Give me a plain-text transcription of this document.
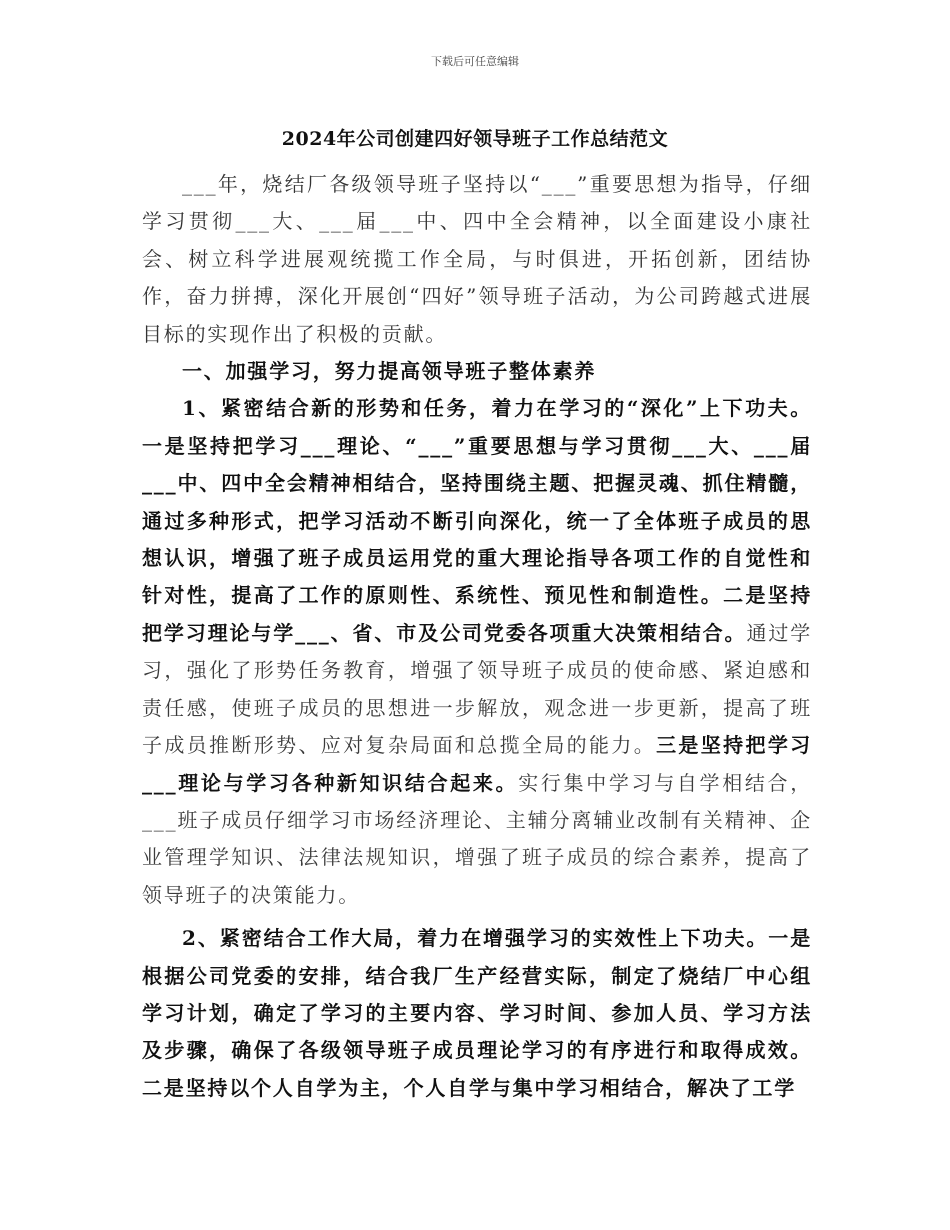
下载后可任意编辑
2024年公司创建四好领导班子工作总结范文

___年，烧结厂各级领导班子坚持以“___”重要思想为指导，仔细学习贯彻___大、___届___中、四中全会精神，以全面建设小康社会、树立科学进展观统揽工作全局，与时俱进，开拓创新，团结协作，奋力拼搏，深化开展创“四好”领导班子活动，为公司跨越式进展目标的实现作出了积极的贡献。

一、加强学习，努力提高领导班子整体素养

1、紧密结合新的形势和任务，着力在学习的“深化”上下功夫。一是坚持把学习___理论、“___”重要思想与学习贯彻___大、___届___中、四中全会精神相结合，坚持围绕主题、把握灵魂、抓住精髓，通过多种形式，把学习活动不断引向深化，统一了全体班子成员的思想认识，增强了班子成员运用党的重大理论指导各项工作的自觉性和针对性，提高了工作的原则性、系统性、预见性和制造性。二是坚持把学习理论与学___、省、市及公司党委各项重大决策相结合。通过学习，强化了形势任务教育，增强了领导班子成员的使命感、紧迫感和责任感，使班子成员的思想进一步解放，观念进一步更新，提高了班子成员推断形势、应对复杂局面和总揽全局的能力。三是坚持把学习___理论与学习各种新知识结合起来。实行集中学习与自学相结合，___班子成员仔细学习市场经济理论、主辅分离辅业改制有关精神、企业管理学知识、法律法规知识，增强了班子成员的综合素养，提高了领导班子的决策能力。

2、紧密结合工作大局，着力在增强学习的实效性上下功夫。一是根据公司党委的安排，结合我厂生产经营实际，制定了烧结厂中心组学习计划，确定了学习的主要内容、学习时间、参加人员、学习方法及步骤，确保了各级领导班子成员理论学习的有序进行和取得成效。二是坚持以个人自学为主，个人自学与集中学习相结合，解决了工学
